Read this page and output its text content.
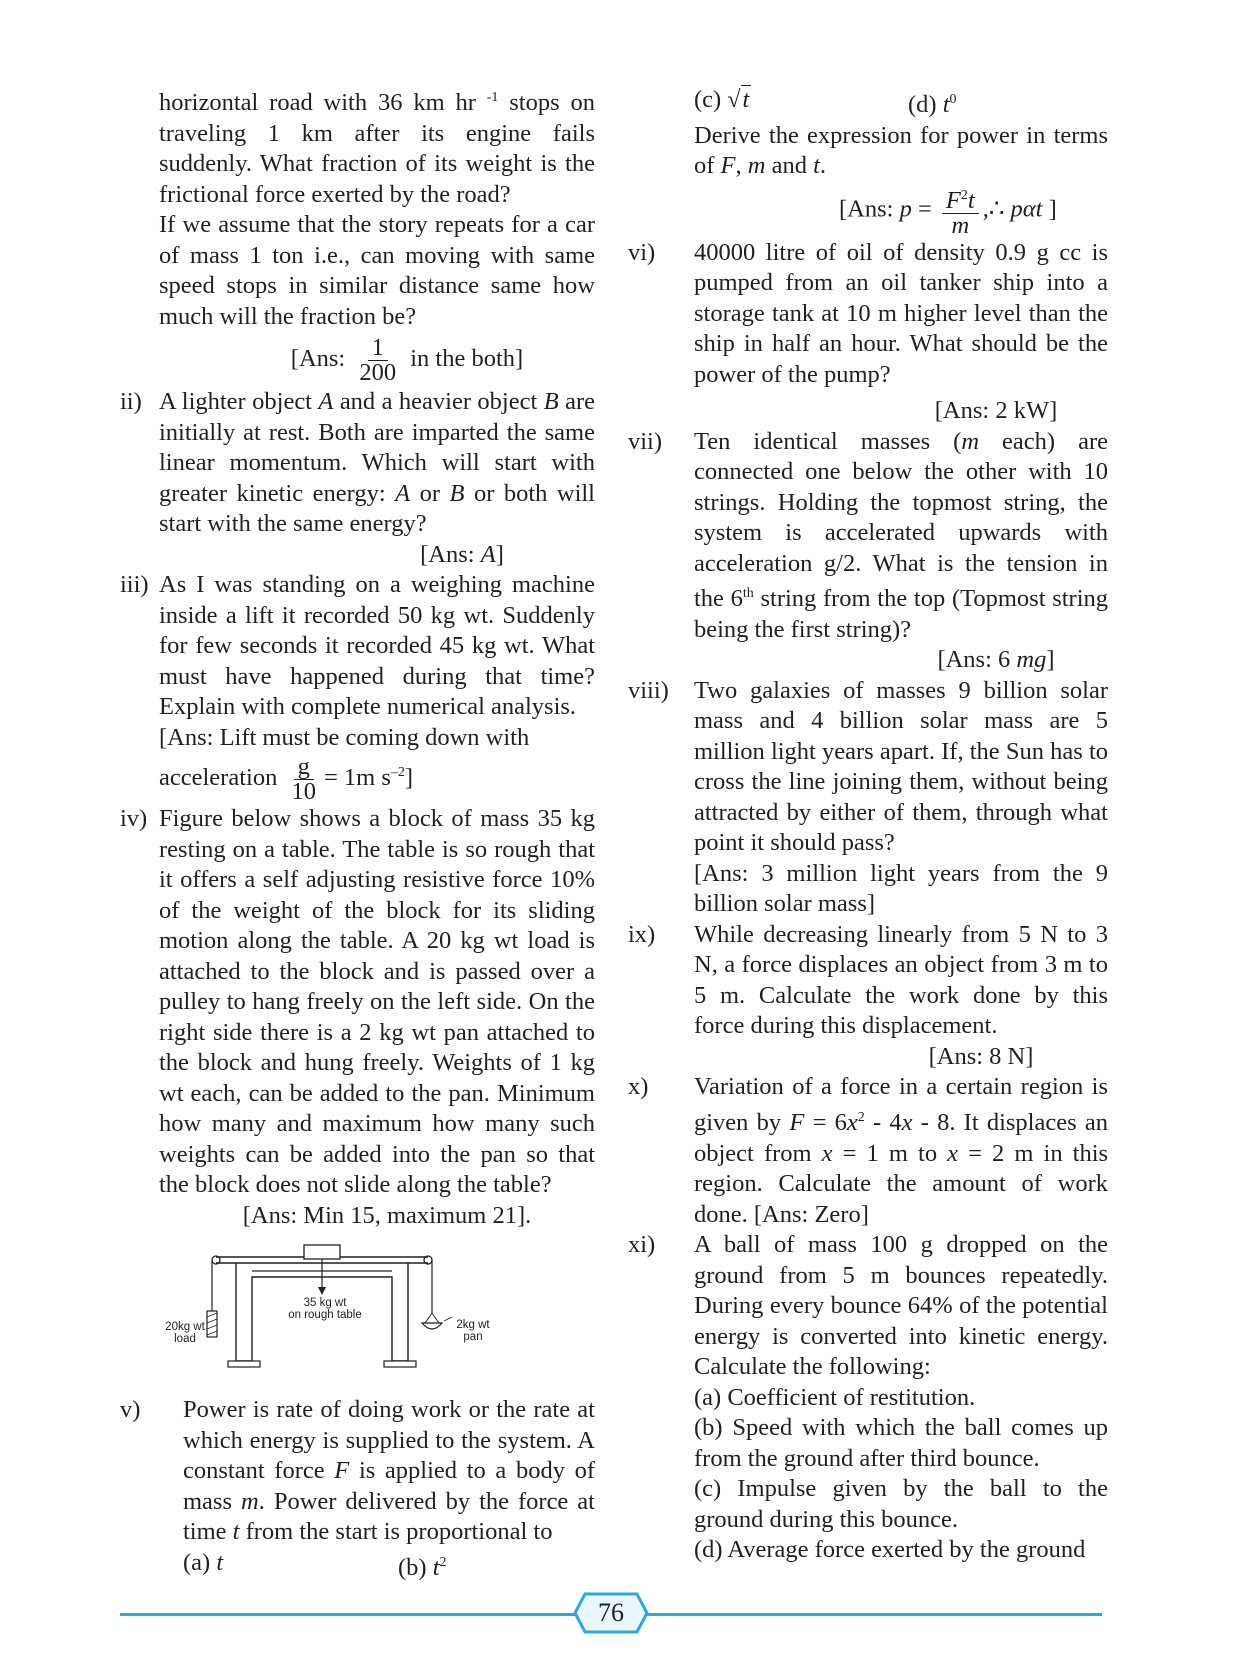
horizontal road with 36 km hr $^{-1}$ stops on traveling 1 km after its engine fails suddenly. What fraction of its weight is the frictional force exerted by the road?

If we assume that the story repeats for a car of mass 1 ton i.e., can moving with same speed stops in similar distance same how much will the fraction be?

[Ans: $\frac{1}{200}$ in the both]

ii) A lighter object A and a heavier object B are initially at rest. Both are imparted the same linear momentum. Which will start with greater kinetic energy: A or B or both will start with the same energy?

[Ans: A]

iii) As I was standing on a weighing machine inside a lift it recorded 50 kg wt. Suddenly for few seconds it recorded 45 kg wt. What must have happened during that time? Explain with complete numerical analysis.

[Ans: Lift must be coming down with

acceleration $\frac{g}{10} = 1m$ $s^{-2}$]

iv) Figure below shows a block of mass 35 kg resting on a table. The table is so rough that it offers a self adjusting resistive force 10% of the weight of the block for its sliding motion along the table. A 20 kg wt load is attached to the block and is passed over a pulley to hang freely on the left side. On the right side there is a 2 kg wt pan attached to the block and hung freely. Weights of 1 kg wt each, can be added to the pan. Minimum how many and maximum how many such weights can be added into the pan so that the block does not slide along the table?

[Ans: Min 15, maximum 21].

35 kg wt
on rough table
20kg wt
load
2kg wt
pan
v) Power is rate of doing work or the rate at which energy is supplied to the system. A constant force F is applied to a body of mass m. Power delivered by the force at time t from the start is proportional to

(a) t	(b) $t^2$
(c) √t	(d) $t^0$

Derive the expression for power in terms of F, m and t.

[Ans: $p = \frac{F^2t}{m}$ ,∴ pαt ]

vi) 40000 litre of oil of density 0.9 g cc is pumped from an oil tanker ship into a storage tank at 10 m higher level than the ship in half an hour. What should be the power of the pump?

[Ans: 2 kW]

vii) Ten identical masses (m each) are connected one below the other with 10 strings. Holding the topmost string, the system is accelerated upwards with acceleration g/2. What is the tension in the 6th string from the top (Topmost string being the first string)?

[Ans: 6 mg]

viii) Two galaxies of masses 9 billion solar mass and 4 billion solar mass are 5 million light years apart. If, the Sun has to cross the line joining them, without being attracted by either of them, through what point it should pass?

[Ans: 3 million light years from the 9 billion solar mass]

ix) While decreasing linearly from 5 N to 3 N, a force displaces an object from 3 m to 5 m. Calculate the work done by this force during this displacement.

[Ans: 8 N]

x) Variation of a force in a certain region is given by $F = 6x^2 - 4x - 8$. It displaces an object from x = 1 m to x = 2 m in this region. Calculate the amount of work done. [Ans: Zero]

xi) A ball of mass 100 g dropped on the ground from 5 m bounces repeatedly. During every bounce 64% of the potential energy is converted into kinetic energy. Calculate the following:

(a) Coefficient of restitution.

(b) Speed with which the ball comes up from the ground after third bounce.

(c) Impulse given by the ball to the ground during this bounce.

(d) Average force exerted by the ground

76
